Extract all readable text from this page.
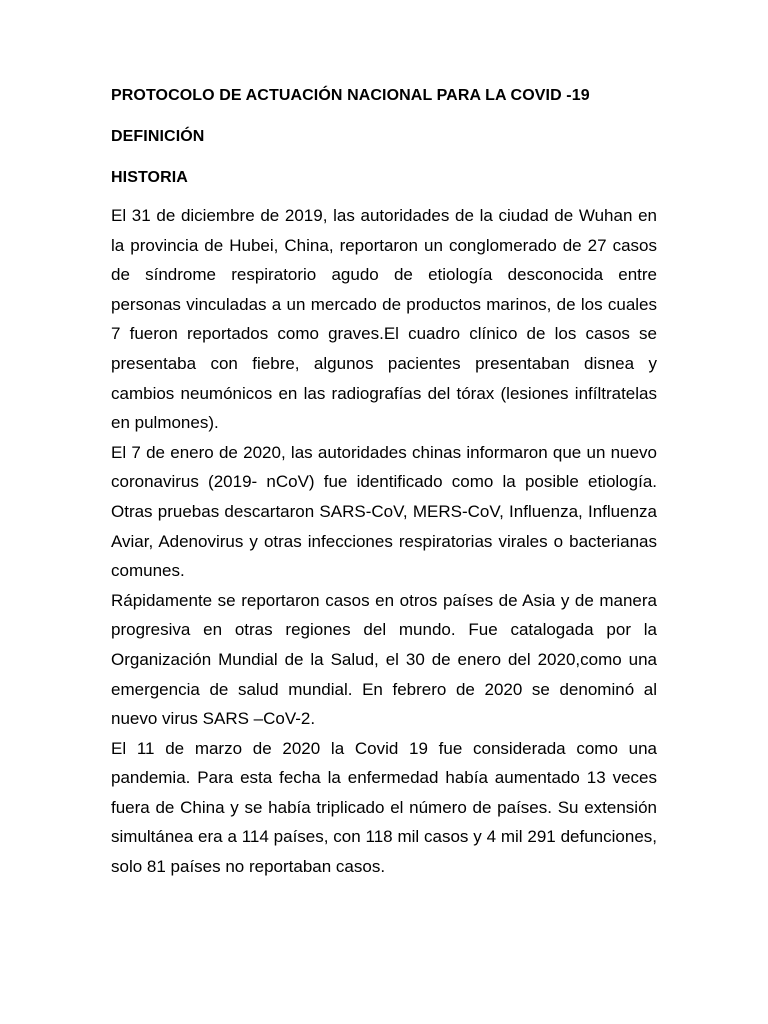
PROTOCOLO DE ACTUACIÓN NACIONAL PARA LA COVID -19
DEFINICIÓN
HISTORIA

El 31 de diciembre de 2019, las autoridades de la ciudad de Wuhan en la provincia de Hubei, China, reportaron un conglomerado de 27 casos de síndrome respiratorio agudo de etiología desconocida entre personas vinculadas a un mercado de productos marinos, de los cuales 7 fueron reportados como graves.El cuadro clínico de los casos se presentaba con fiebre, algunos pacientes presentaban disnea y cambios neumónicos en las radiografías del tórax (lesiones infíltratelas en pulmones).

El 7 de enero de 2020, las autoridades chinas informaron que un nuevo coronavirus (2019- nCoV) fue identificado como la posible etiología. Otras pruebas descartaron SARS-CoV, MERS-CoV, Influenza, Influenza Aviar, Adenovirus y otras infecciones respiratorias virales o bacterianas comunes.

Rápidamente se reportaron casos en otros países de Asia y de manera progresiva en otras regiones del mundo. Fue catalogada por la Organización Mundial de la Salud, el 30 de enero del 2020,como una emergencia de salud mundial. En febrero de 2020 se denominó al nuevo virus SARS –CoV-2.

El 11 de marzo de 2020 la Covid 19 fue considerada como una pandemia. Para esta fecha la enfermedad había aumentado 13 veces fuera de China y se había triplicado el número de países. Su extensión simultánea era a 114 países, con 118 mil casos y 4 mil 291 defunciones, solo 81 países no reportaban casos.
